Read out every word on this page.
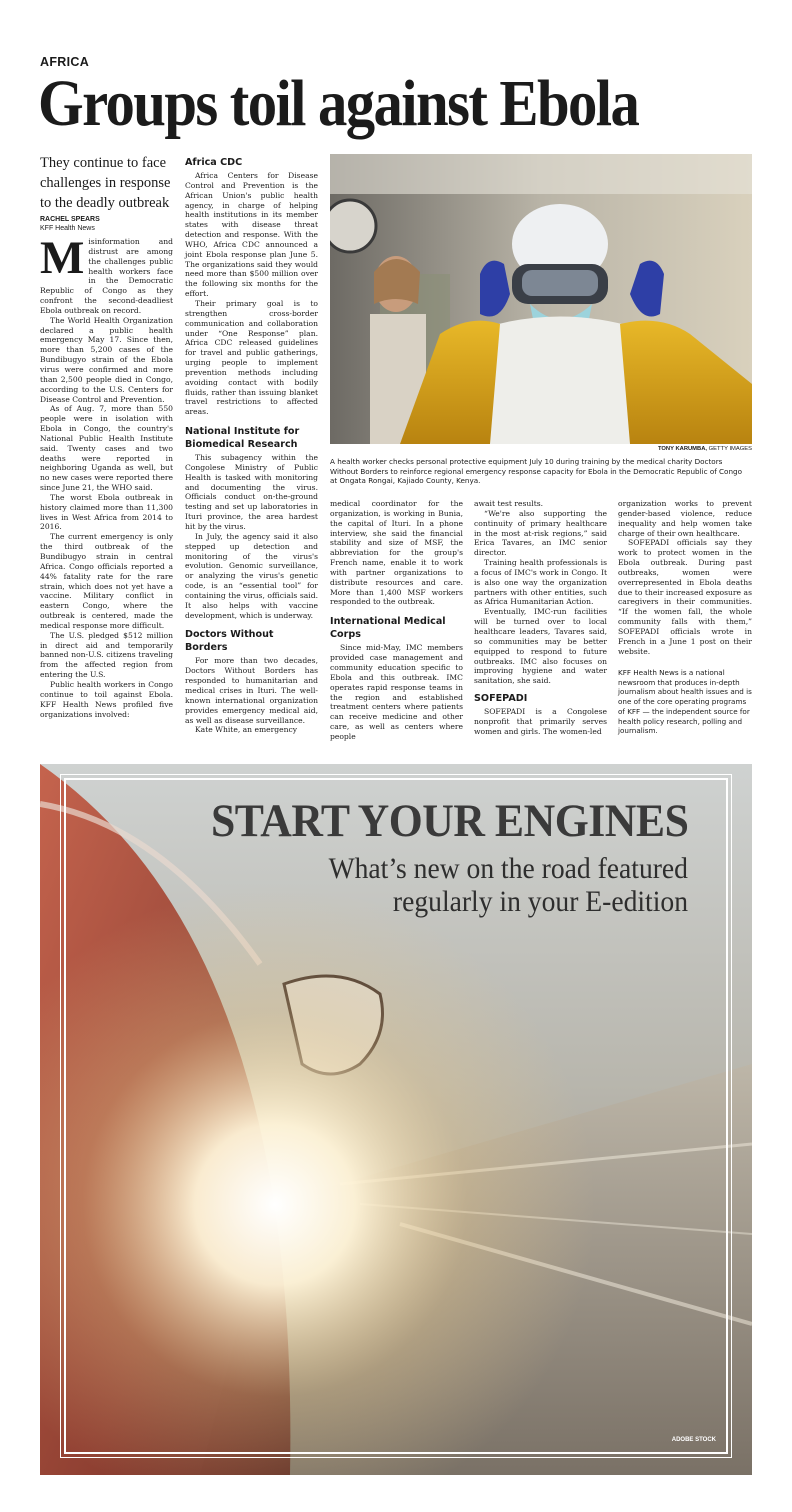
AFRICA
Groups toil against Ebola
They continue to face challenges in response to the deadly outbreak
RACHEL SPEARS
KFF Health News

Misinformation and distrust are among the challenges public health workers face in the Democratic Republic of Congo as they confront the second-deadliest Ebola outbreak on record.

The World Health Organization declared a public health emergency May 17. Since then, more than 5,200 cases of the Bundibugyo strain of the Ebola virus were confirmed and more than 2,500 people died in Congo, according to the U.S. Centers for Disease Control and Prevention.

As of Aug. 7, more than 550 people were in isolation with Ebola in Congo, the country's National Public Health Institute said. Twenty cases and two deaths were reported in neighboring Uganda as well, but no new cases were reported there since June 21, the WHO said.

The worst Ebola outbreak in history claimed more than 11,300 lives in West Africa from 2014 to 2016.

The current emergency is only the third outbreak of the Bundibugyo strain in central Africa. Congo officials reported a 44% fatality rate for the rare strain, which does not yet have a vaccine. Military conflict in eastern Congo, where the outbreak is centered, made the medical response more difficult.

The U.S. pledged $512 million in direct aid and temporarily banned non-U.S. citizens traveling from the affected region from entering the U.S.

Public health workers in Congo continue to toil against Ebola. KFF Health News profiled five organizations involved:

Africa CDC

Africa Centers for Disease Control and Prevention is the African Union's public health agency, in charge of helping health institutions in its member states with disease threat detection and response. With the WHO, Africa CDC announced a joint Ebola response plan June 5. The organizations said they would need more than $500 million over the following six months for the effort.

Their primary goal is to strengthen cross-border communication and collaboration under “One Response” plan. Africa CDC released guidelines for travel and public gatherings, urging people to implement prevention methods including avoiding contact with bodily fluids, rather than issuing blanket travel restrictions to affected areas.

National Institute for Biomedical Research

This subagency within the Congolese Ministry of Public Health is tasked with monitoring and documenting the virus. Officials conduct on-the-ground testing and set up laboratories in Ituri province, the area hardest hit by the virus.

In July, the agency said it also stepped up detection and monitoring of the virus's evolution. Genomic surveillance, or analyzing the virus's genetic code, is an “essential tool” for containing the virus, officials said. It also helps with vaccine development, which is underway.

Doctors Without Borders

For more than two decades, Doctors Without Borders has responded to humanitarian and medical crises in Ituri. The well-known international organization provides emergency medical aid, as well as disease surveillance.

Kate White, an emergency

TONY KARUMBA, GETTY IMAGES
A health worker checks personal protective equipment July 10 during training by the medical charity Doctors Without Borders to reinforce regional emergency response capacity for Ebola in the Democratic Republic of Congo at Ongata Rongai, Kajiado County, Kenya.

medical coordinator for the organization, is working in Bunia, the capital of Ituri. In a phone interview, she said the financial stability and size of MSF, the abbreviation for the group's French name, enable it to work with partner organizations to distribute resources and care. More than 1,400 MSF workers responded to the outbreak.

International Medical Corps

Since mid-May, IMC members provided case management and community education specific to Ebola and this outbreak. IMC operates rapid response teams in the region and established treatment centers where patients can receive medicine and other care, as well as centers where people

await test results.

“We're also supporting the continuity of primary healthcare in the most at-risk regions,” said Erica Tavares, an IMC senior director.

Training health professionals is a focus of IMC's work in Congo. It is also one way the organization partners with other entities, such as Africa Humanitarian Action.

Eventually, IMC-run facilities will be turned over to local healthcare leaders, Tavares said, so communities may be better equipped to respond to future outbreaks. IMC also focuses on improving hygiene and water sanitation, she said.

SOFEPADI

SOFEPADI is a Congolese nonprofit that primarily serves women and girls. The women-led

organization works to prevent gender-based violence, reduce inequality and help women take charge of their own healthcare.

SOFEPADI officials say they work to protect women in the Ebola outbreak. During past outbreaks, women were overrepresented in Ebola deaths due to their increased exposure as caregivers in their communities. “If the women fall, the whole community falls with them,” SOFEPADI officials wrote in French in a June 1 post on their website.

KFF Health News is a national newsroom that produces in-depth journalism about health issues and is one of the core operating programs of KFF — the independent source for health policy research, polling and journalism.
START YOUR ENGINES
What’s new on the road featured regularly in your E-edition
ADOBE STOCK
